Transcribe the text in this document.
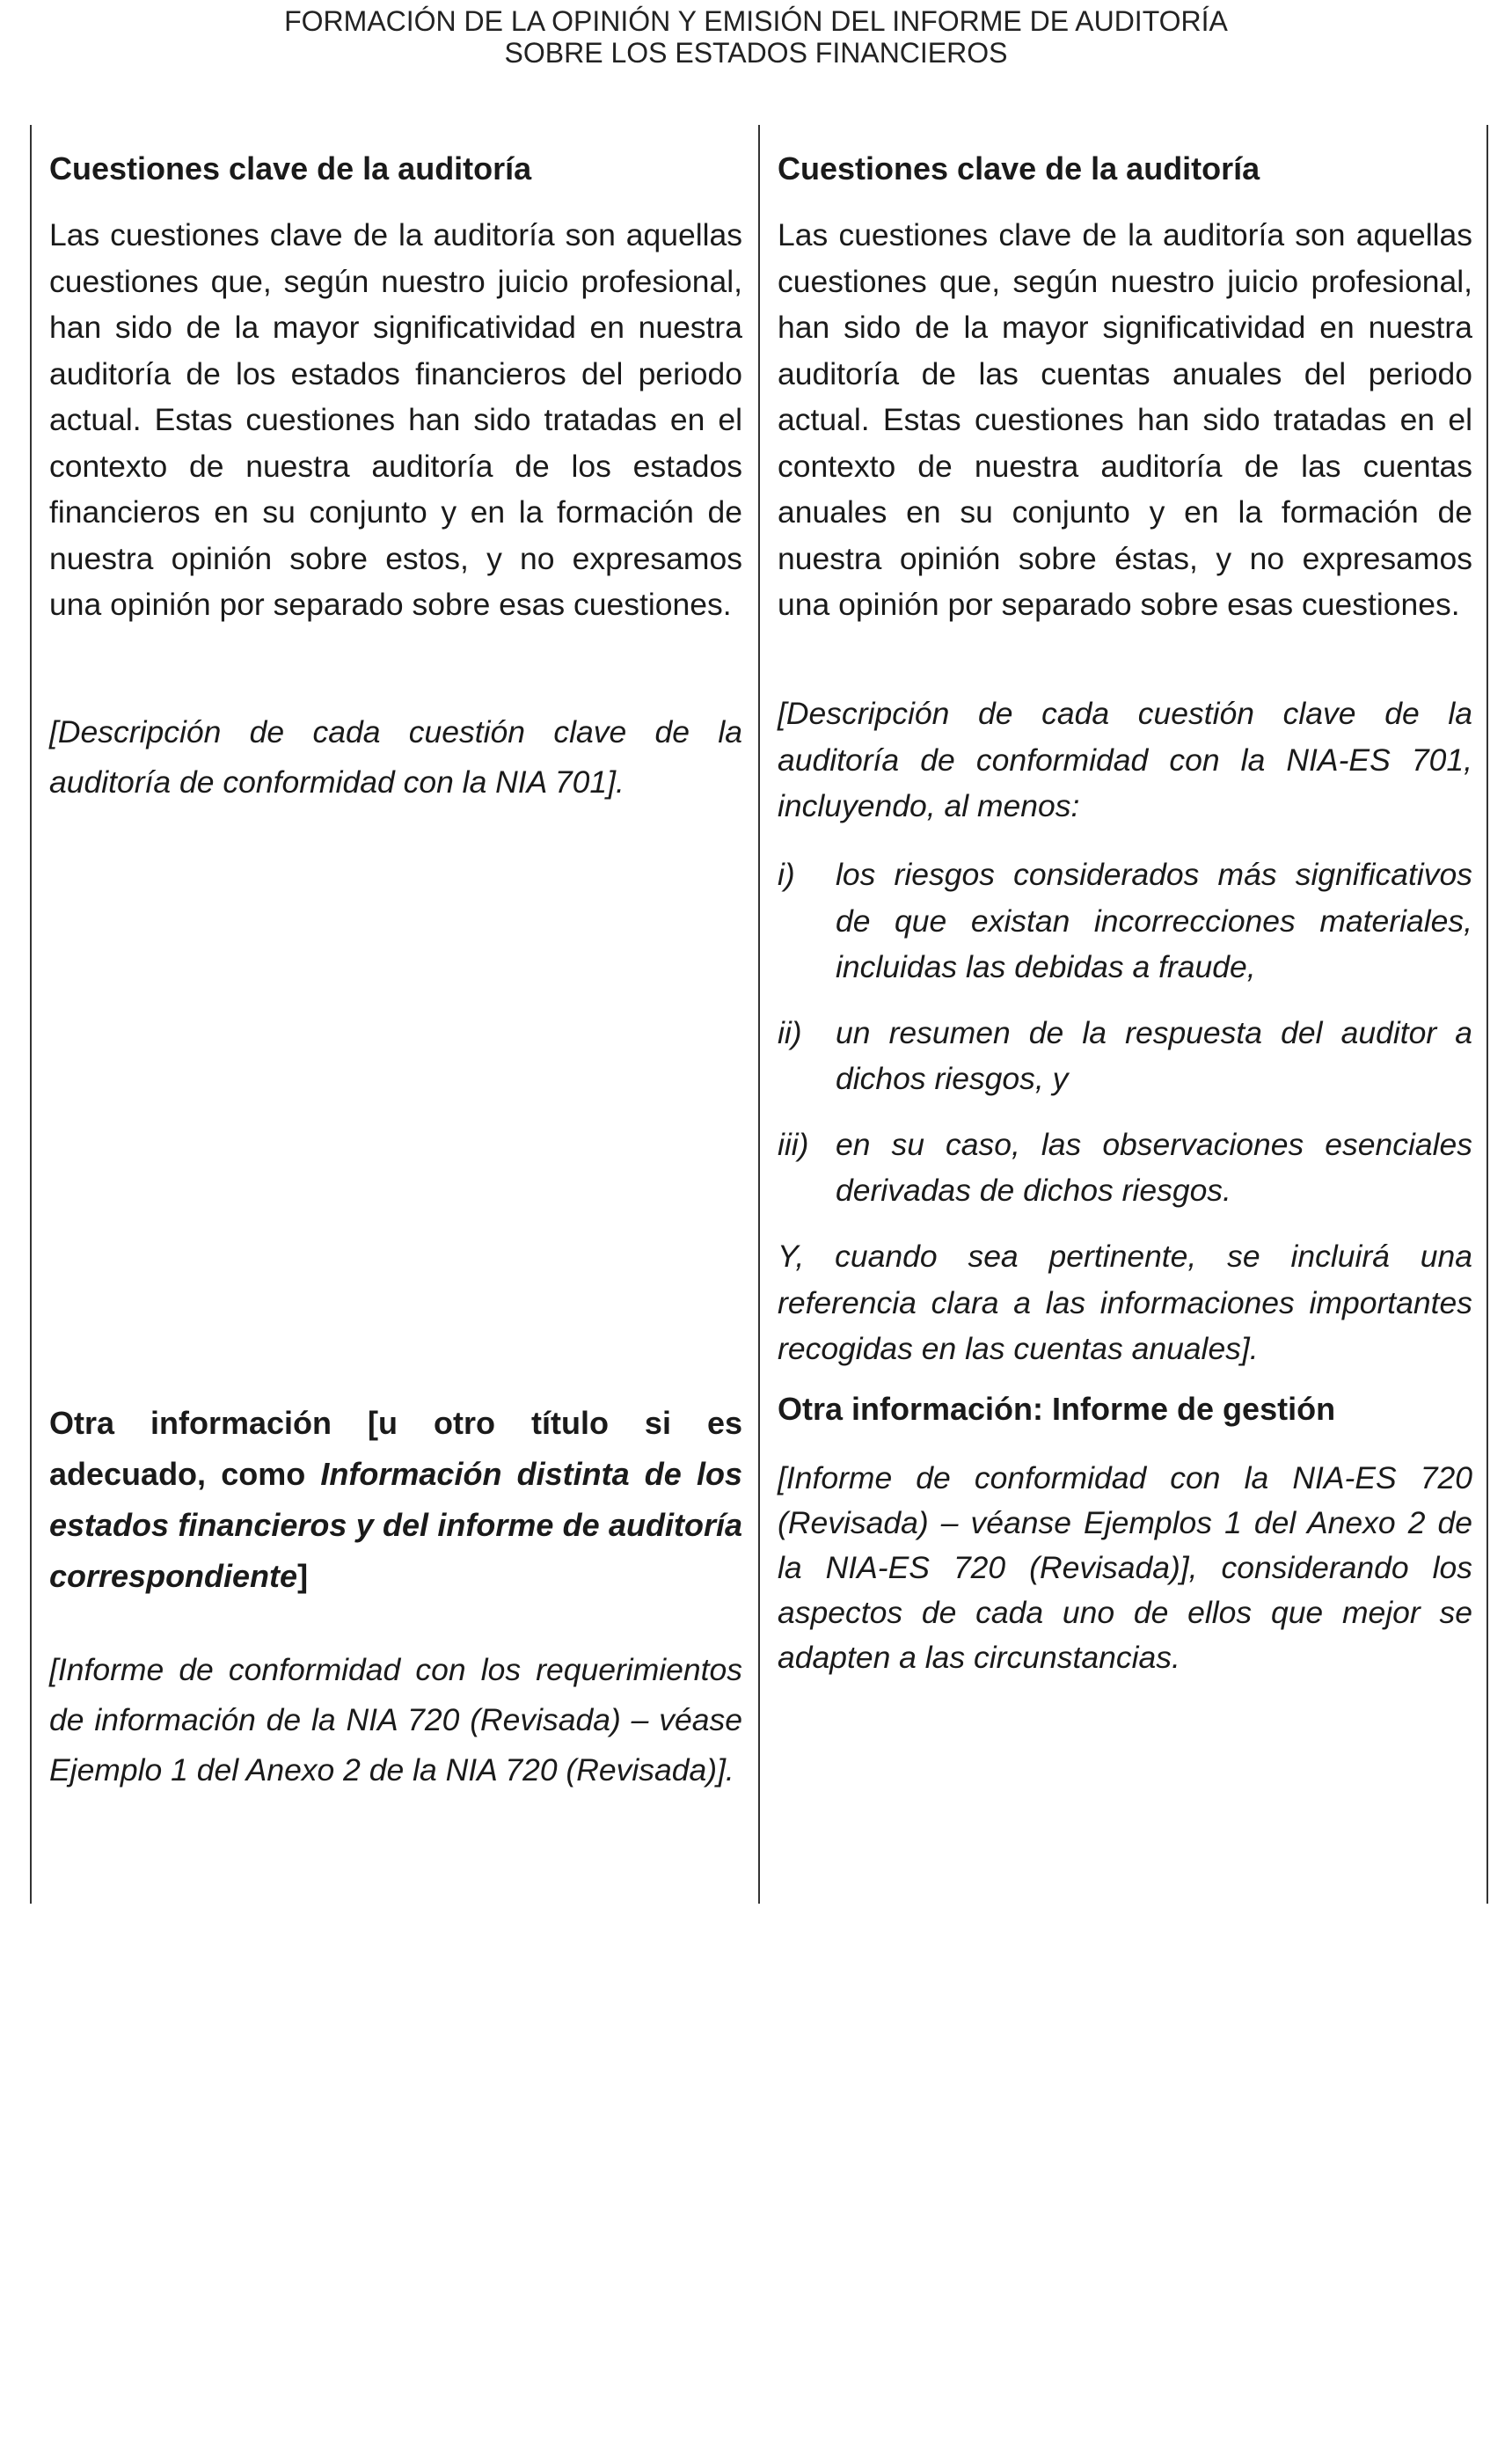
FORMACIÓN DE LA OPINIÓN Y EMISIÓN DEL INFORME DE AUDITORÍA
SOBRE LOS ESTADOS FINANCIEROS

Cuestiones clave de la auditoría

Las cuestiones clave de la auditoría son aquellas cuestiones que, según nuestro juicio profesional, han sido de la mayor significatividad en nuestra auditoría de los estados financieros del periodo actual. Estas cuestiones han sido tratadas en el contexto de nuestra auditoría de los estados financieros en su conjunto y en la formación de nuestra opinión sobre estos, y no expresamos una opinión por separado sobre esas cuestiones.

[Descripción de cada cuestión clave de la auditoría de conformidad con la NIA 701].

Otra información [u otro título si es adecuado, como Información distinta de los estados financieros y del informe de auditoría correspondiente]

[Informe de conformidad con los requerimientos de información de la NIA 720 (Revisada) – véase Ejemplo 1 del Anexo 2 de la NIA 720 (Revisada)].

Cuestiones clave de la auditoría

Las cuestiones clave de la auditoría son aquellas cuestiones que, según nuestro juicio profesional, han sido de la mayor significatividad en nuestra auditoría de las cuentas anuales del periodo actual. Estas cuestiones han sido tratadas en el contexto de nuestra auditoría de las cuentas anuales en su conjunto y en la formación de nuestra opinión sobre éstas, y no expresamos una opinión por separado sobre esas cuestiones.

[Descripción de cada cuestión clave de la auditoría de conformidad con la NIA-ES 701, incluyendo, al menos:

i)	los riesgos considerados más significativos de que existan incorrecciones materiales, incluidas las debidas a fraude,
ii)	un resumen de la respuesta del auditor a dichos riesgos, y
iii) en su caso, las observaciones esenciales derivadas de dichos riesgos.

Y, cuando sea pertinente, se incluirá una referencia clara a las informaciones importantes recogidas en las cuentas anuales].

Otra información: Informe de gestión

[Informe de conformidad con la NIA-ES 720 (Revisada) – véanse Ejemplos 1 del Anexo 2 de la NIA-ES 720 (Revisada)], considerando los aspectos de cada uno de ellos que mejor se adapten a las circunstancias.
